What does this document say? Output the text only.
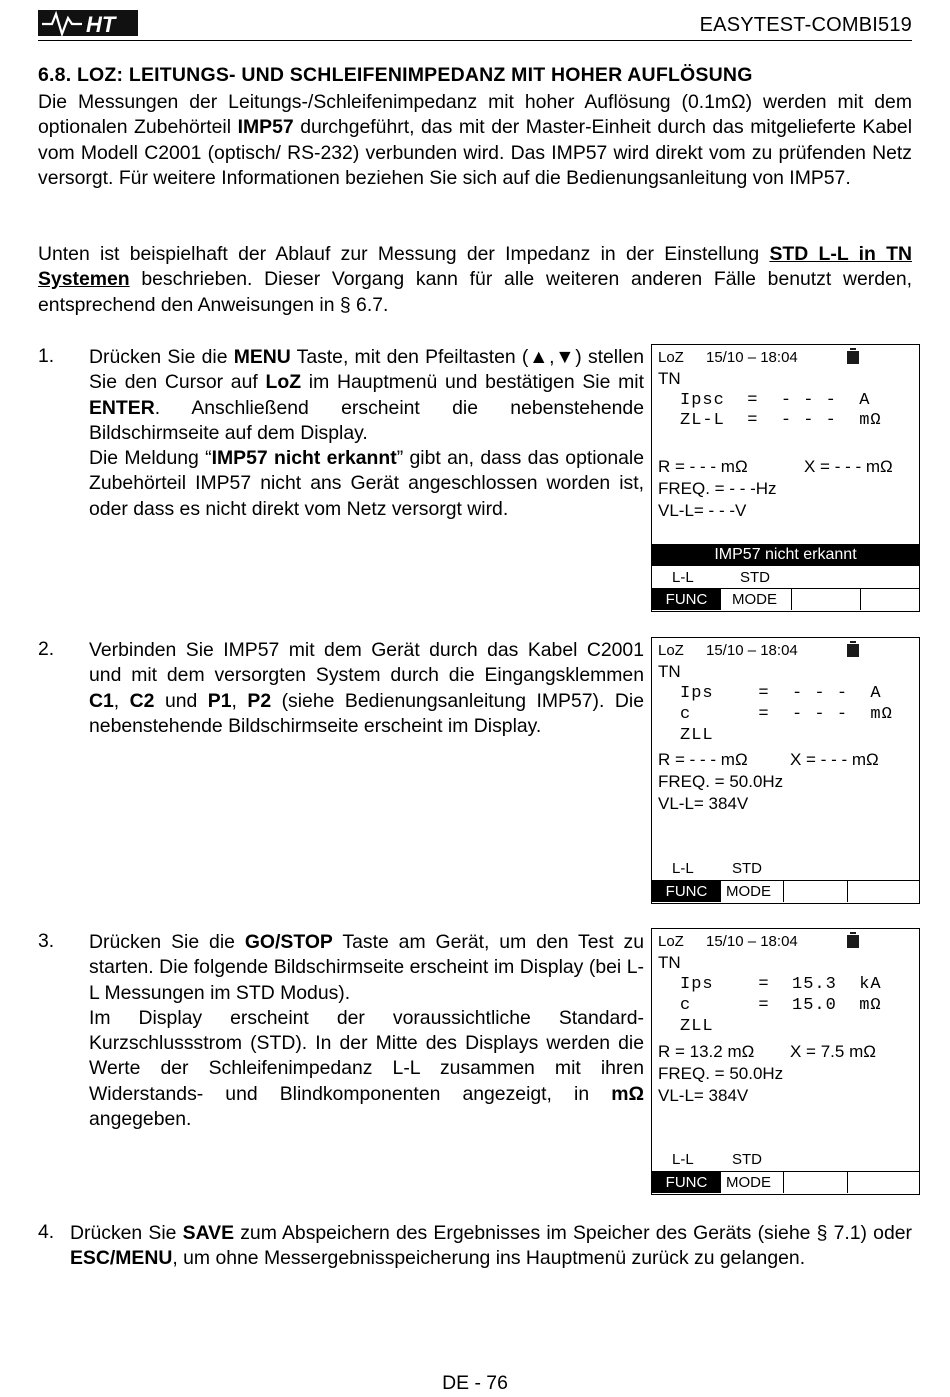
HT	EASYTEST-COMBI519
6.8. LOZ: LEITUNGS- UND SCHLEIFENIMPEDANZ MIT HOHER AUFLÖSUNG
Die Messungen der Leitungs-/Schleifenimpedanz mit hoher Auflösung (0.1mΩ) werden mit dem optionalen Zubehörteil IMP57 durchgeführt, das mit der Master-Einheit durch das mitgelieferte Kabel vom Modell C2001 (optisch/ RS-232) verbunden wird. Das IMP57 wird direkt vom zu prüfenden Netz versorgt. Für weitere Informationen beziehen Sie sich auf die Bedienungsanleitung von IMP57.
Unten ist beispielhaft der Ablauf zur Messung der Impedanz in der Einstellung STD L-L in TN Systemen beschrieben. Dieser Vorgang kann für alle weiteren anderen Fälle benutzt werden, entsprechend den Anweisungen in § 6.7.
1. Drücken Sie die MENU Taste, mit den Pfeiltasten (▲,▼) stellen Sie den Cursor auf LoZ im Hauptmenü und bestätigen Sie mit ENTER. Anschließend erscheint die nebenstehende Bildschirmseite auf dem Display.
Die Meldung “IMP57 nicht erkannt” gibt an, dass das optionale Zubehörteil IMP57 nicht ans Gerät angeschlossen worden ist, oder dass es nicht direkt vom Netz versorgt wird.
LoZ 15/10 – 18:04
TN
Ipsc  =  - - -  A
ZL-L  =  - - -  mΩ
R = - - - mΩ	X = - - - mΩ
FREQ. = - - -Hz
VL-L= - - -V
IMP57 nicht erkannt
L-L	STD
FUNC	MODE
2. Verbinden Sie IMP57 mit dem Gerät durch das Kabel C2001 und mit dem versorgten System durch die Eingangsklemmen C1, C2 und P1, P2 (siehe Bedienungsanleitung IMP57). Die nebenstehende Bildschirmseite erscheint im Display.
LoZ 15/10 – 18:04
TN
Ips    =  - - -  A
c      =  - - -  mΩ
ZLL
R = - - - mΩ X = - - - mΩ
FREQ. = 50.0Hz
VL-L= 384V
L-L	STD
FUNC	MODE
3. Drücken Sie die GO/STOP Taste am Gerät, um den Test zu starten. Die folgende Bildschirmseite erscheint im Display (bei L-L Messungen im STD Modus).
Im Display erscheint der voraussichtliche Standard-Kurzschlussstrom (STD). In der Mitte des Displays werden die Werte der Schleifenimpedanz L-L zusammen mit ihren Widerstands- und Blindkomponenten angezeigt, in mΩ angegeben.
LoZ 15/10 – 18:04
TN
Ips    =  15.3  kA
c      =  15.0  mΩ
ZLL
R = 13.2 mΩ X = 7.5 mΩ
FREQ. = 50.0Hz
VL-L= 384V
L-L	STD
FUNC	MODE
4. Drücken Sie SAVE zum Abspeichern des Ergebnisses im Speicher des Geräts (siehe § 7.1) oder ESC/MENU, um ohne Messergebnisspeicherung ins Hauptmenü zurück zu gelangen.
DE - 76
